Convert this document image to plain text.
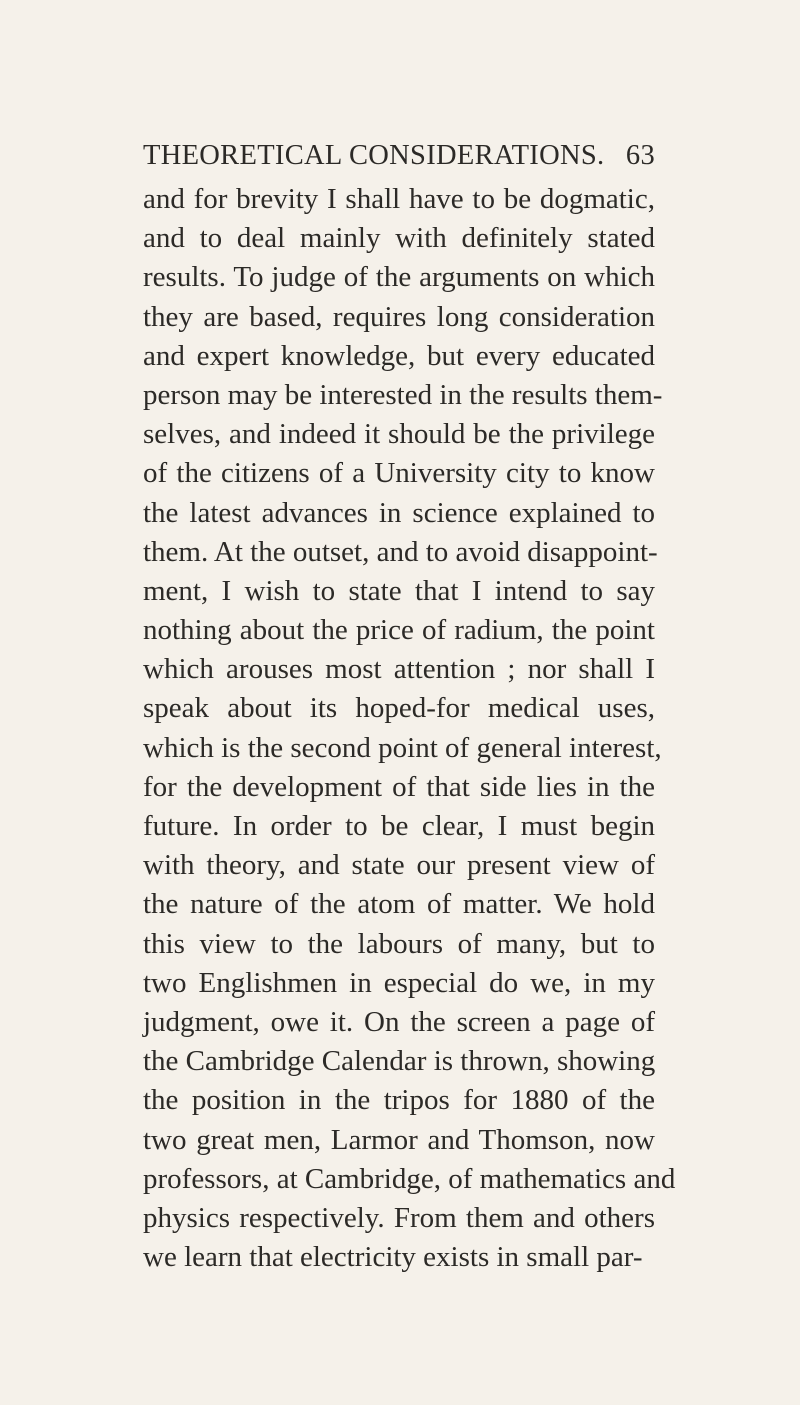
THEORETICAL CONSIDERATIONS. 63
and for brevity I shall have to be dogmatic,
and to deal mainly with definitely stated
results. To judge of the arguments on which
they are based, requires long consideration
and expert knowledge, but every educated
person may be interested in the results them-
selves, and indeed it should be the privilege
of the citizens of a University city to know
the latest advances in science explained to
them. At the outset, and to avoid disappoint-
ment, I wish to state that I intend to say
nothing about the price of radium, the point
which arouses most attention ; nor shall I
speak about its hoped-for medical uses,
which is the second point of general interest,
for the development of that side lies in the
future. In order to be clear, I must begin
with theory, and state our present view of
the nature of the atom of matter. We hold
this view to the labours of many, but to
two Englishmen in especial do we, in my
judgment, owe it. On the screen a page of
the Cambridge Calendar is thrown, showing
the position in the tripos for 1880 of the
two great men, Larmor and Thomson, now
professors, at Cambridge, of mathematics and
physics respectively. From them and others
we learn that electricity exists in small par-
